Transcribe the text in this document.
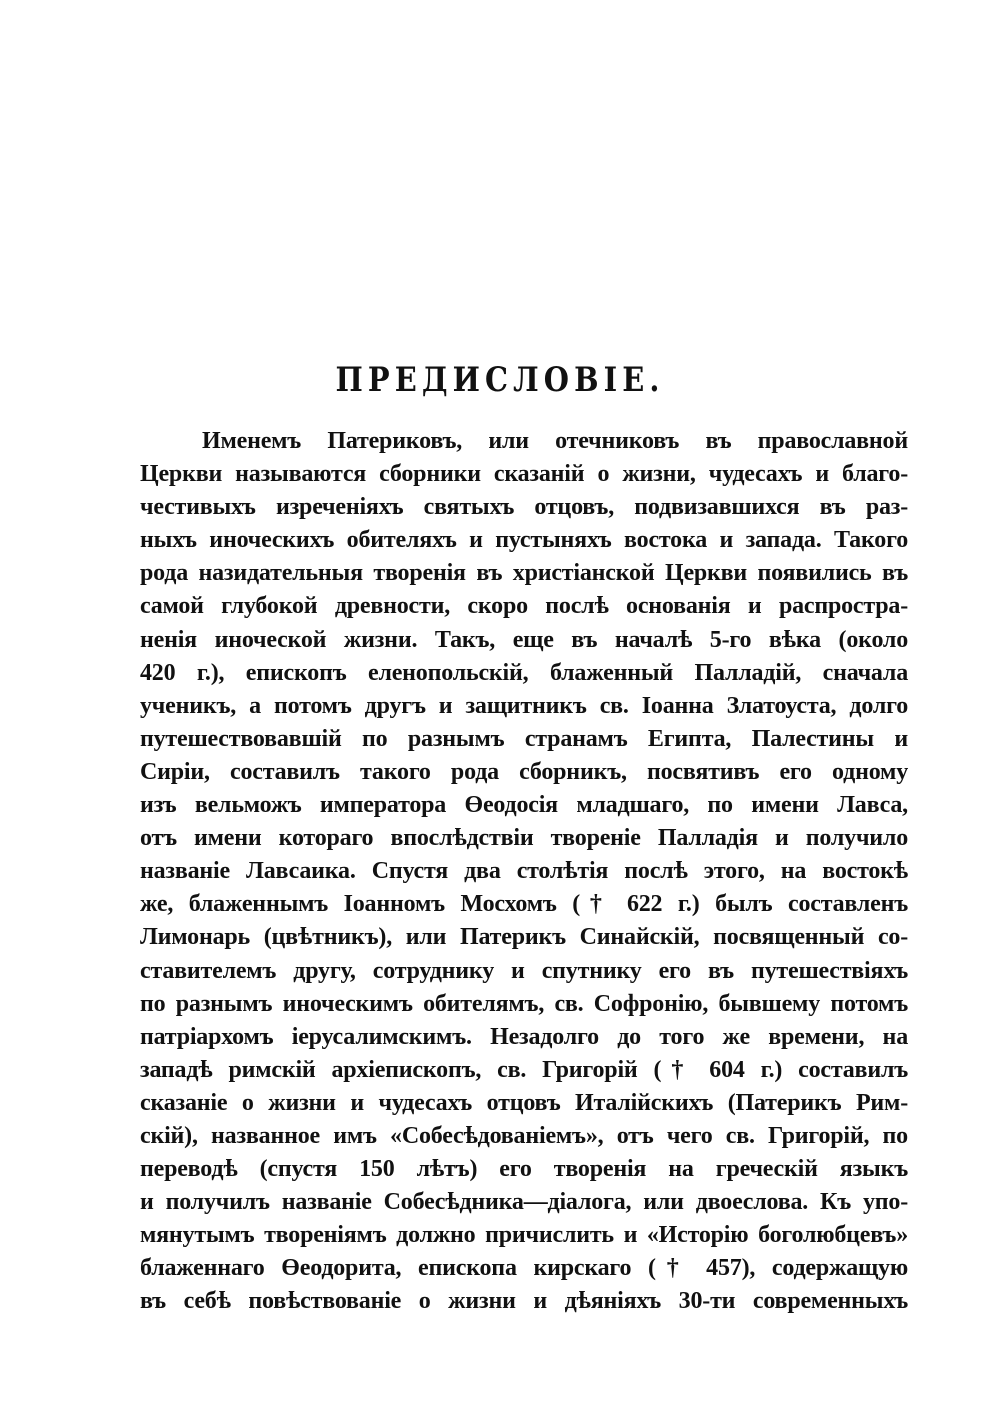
ПРЕДИСЛОВІЕ.
Именемъ Патериковъ, или отечниковъ въ православной
Церкви называются сборники сказаній о жизни, чудесахъ и благо-
честивыхъ изреченіяхъ святыхъ отцовъ, подвизавшихся въ раз-
ныхъ иноческихъ обителяхъ и пустыняхъ востока и запада. Такого
рода назидательныя творенія въ христіанской Церкви появились въ
самой глубокой древности, скоро послѣ основанія и распростра-
ненія иноческой жизни. Такъ, еще въ началѣ 5-го вѣка (около
420 г.), епископъ еленопольскій, блаженный Палладій, сначала
ученикъ, а потомъ другъ и защитникъ св. Іоанна Златоуста, долго
путешествовавшій по разнымъ странамъ Египта, Палестины и
Сиріи, составилъ такого рода сборникъ, посвятивъ его одному
изъ вельможъ императора Өеодосія младшаго, по имени Лавса,
отъ имени котораго впослѣдствіи твореніе Палладія и получило
названіе Лавсаика. Спустя два столѣтія послѣ этого, на востокѣ
же, блаженнымъ Іоанномъ Мосхомъ († 622 г.) былъ составленъ
Лимонарь (цвѣтникъ), или Патерикъ Синайскій, посвященный со-
ставителемъ другу, сотруднику и спутнику его въ путешествіяхъ
по разнымъ иноческимъ обителямъ, св. Софронію, бывшему потомъ
патріархомъ іерусалимскимъ. Незадолго до того же времени, на
западѣ римскій архіепископъ, св. Григорій († 604 г.) составилъ
сказаніе о жизни и чудесахъ отцовъ Италійскихъ (Патерикъ Рим-
скій), названное имъ «Собесѣдованіемъ», отъ чего св. Григорій, по
переводѣ (спустя 150 лѣтъ) его творенія на греческій языкъ
и получилъ названіе Собесѣдника—діалога, или двоеслова. Къ упо-
мянутымъ твореніямъ должно причислить и «Исторію боголюбцевъ»
блаженнаго Өеодорита, епископа кирскаго († 457), содержащую
въ себѣ повѣствованіе о жизни и дѣяніяхъ 30-ти современныхъ
